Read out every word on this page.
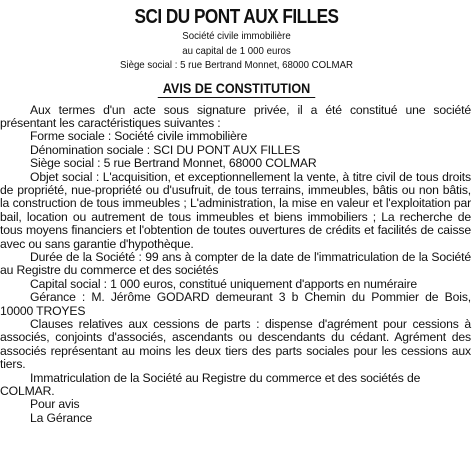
SCI DU PONT AUX FILLES
Société civile immobilière
au capital de 1 000 euros
Siège social : 5 rue Bertrand Monnet, 68000 COLMAR
AVIS DE CONSTITUTION

Aux termes d'un acte sous signature privée, il a été constitué une société présentant les caractéristiques suivantes :

Forme sociale : Société civile immobilière

Dénomination sociale : SCI DU PONT AUX FILLES

Siège social : 5 rue Bertrand Monnet, 68000 COLMAR

Objet social : L'acquisition, et exceptionnellement la vente, à titre civil de tous droits de propriété, nue-propriété ou d'usufruit, de tous terrains, immeubles, bâtis ou non bâtis, la construction de tous immeubles ; L'administration, la mise en valeur et l'exploitation par bail, location ou autrement de tous immeubles et biens immobiliers ; La recherche de tous moyens financiers et l'obtention de toutes ouvertures de crédits et facilités de caisse avec ou sans garantie d'hypothèque.

Durée de la Société : 99 ans à compter de la date de l'immatriculation de la Société au Registre du commerce et des sociétés

Capital social : 1 000 euros, constitué uniquement d'apports en numéraire

Gérance : M. Jérôme GODARD demeurant 3 b Chemin du Pommier de Bois, 10000 TROYES

Clauses relatives aux cessions de parts : dispense d'agrément pour cessions à associés, conjoints d'associés, ascendants ou descendants du cédant. Agrément des associés représentant au moins les deux tiers des parts sociales pour les cessions aux tiers.

Immatriculation de la Société au Registre du commerce et des sociétés de COLMAR.

Pour avis

La Gérance
